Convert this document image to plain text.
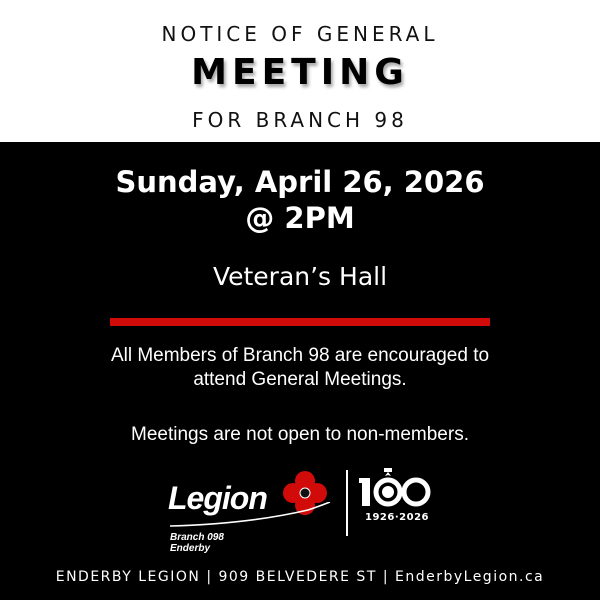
NOTICE OF GENERAL
MEETING
FOR BRANCH 98
Sunday, April 26, 2026
@ 2PM
Veteran’s Hall
All Members of Branch 98 are encouraged to
attend General Meetings.
Meetings are not open to non-members.
Legion
Branch 098
Enderby
1926·2026
ENDERBY LEGION | 909 BELVEDERE ST | EnderbyLegion.ca
